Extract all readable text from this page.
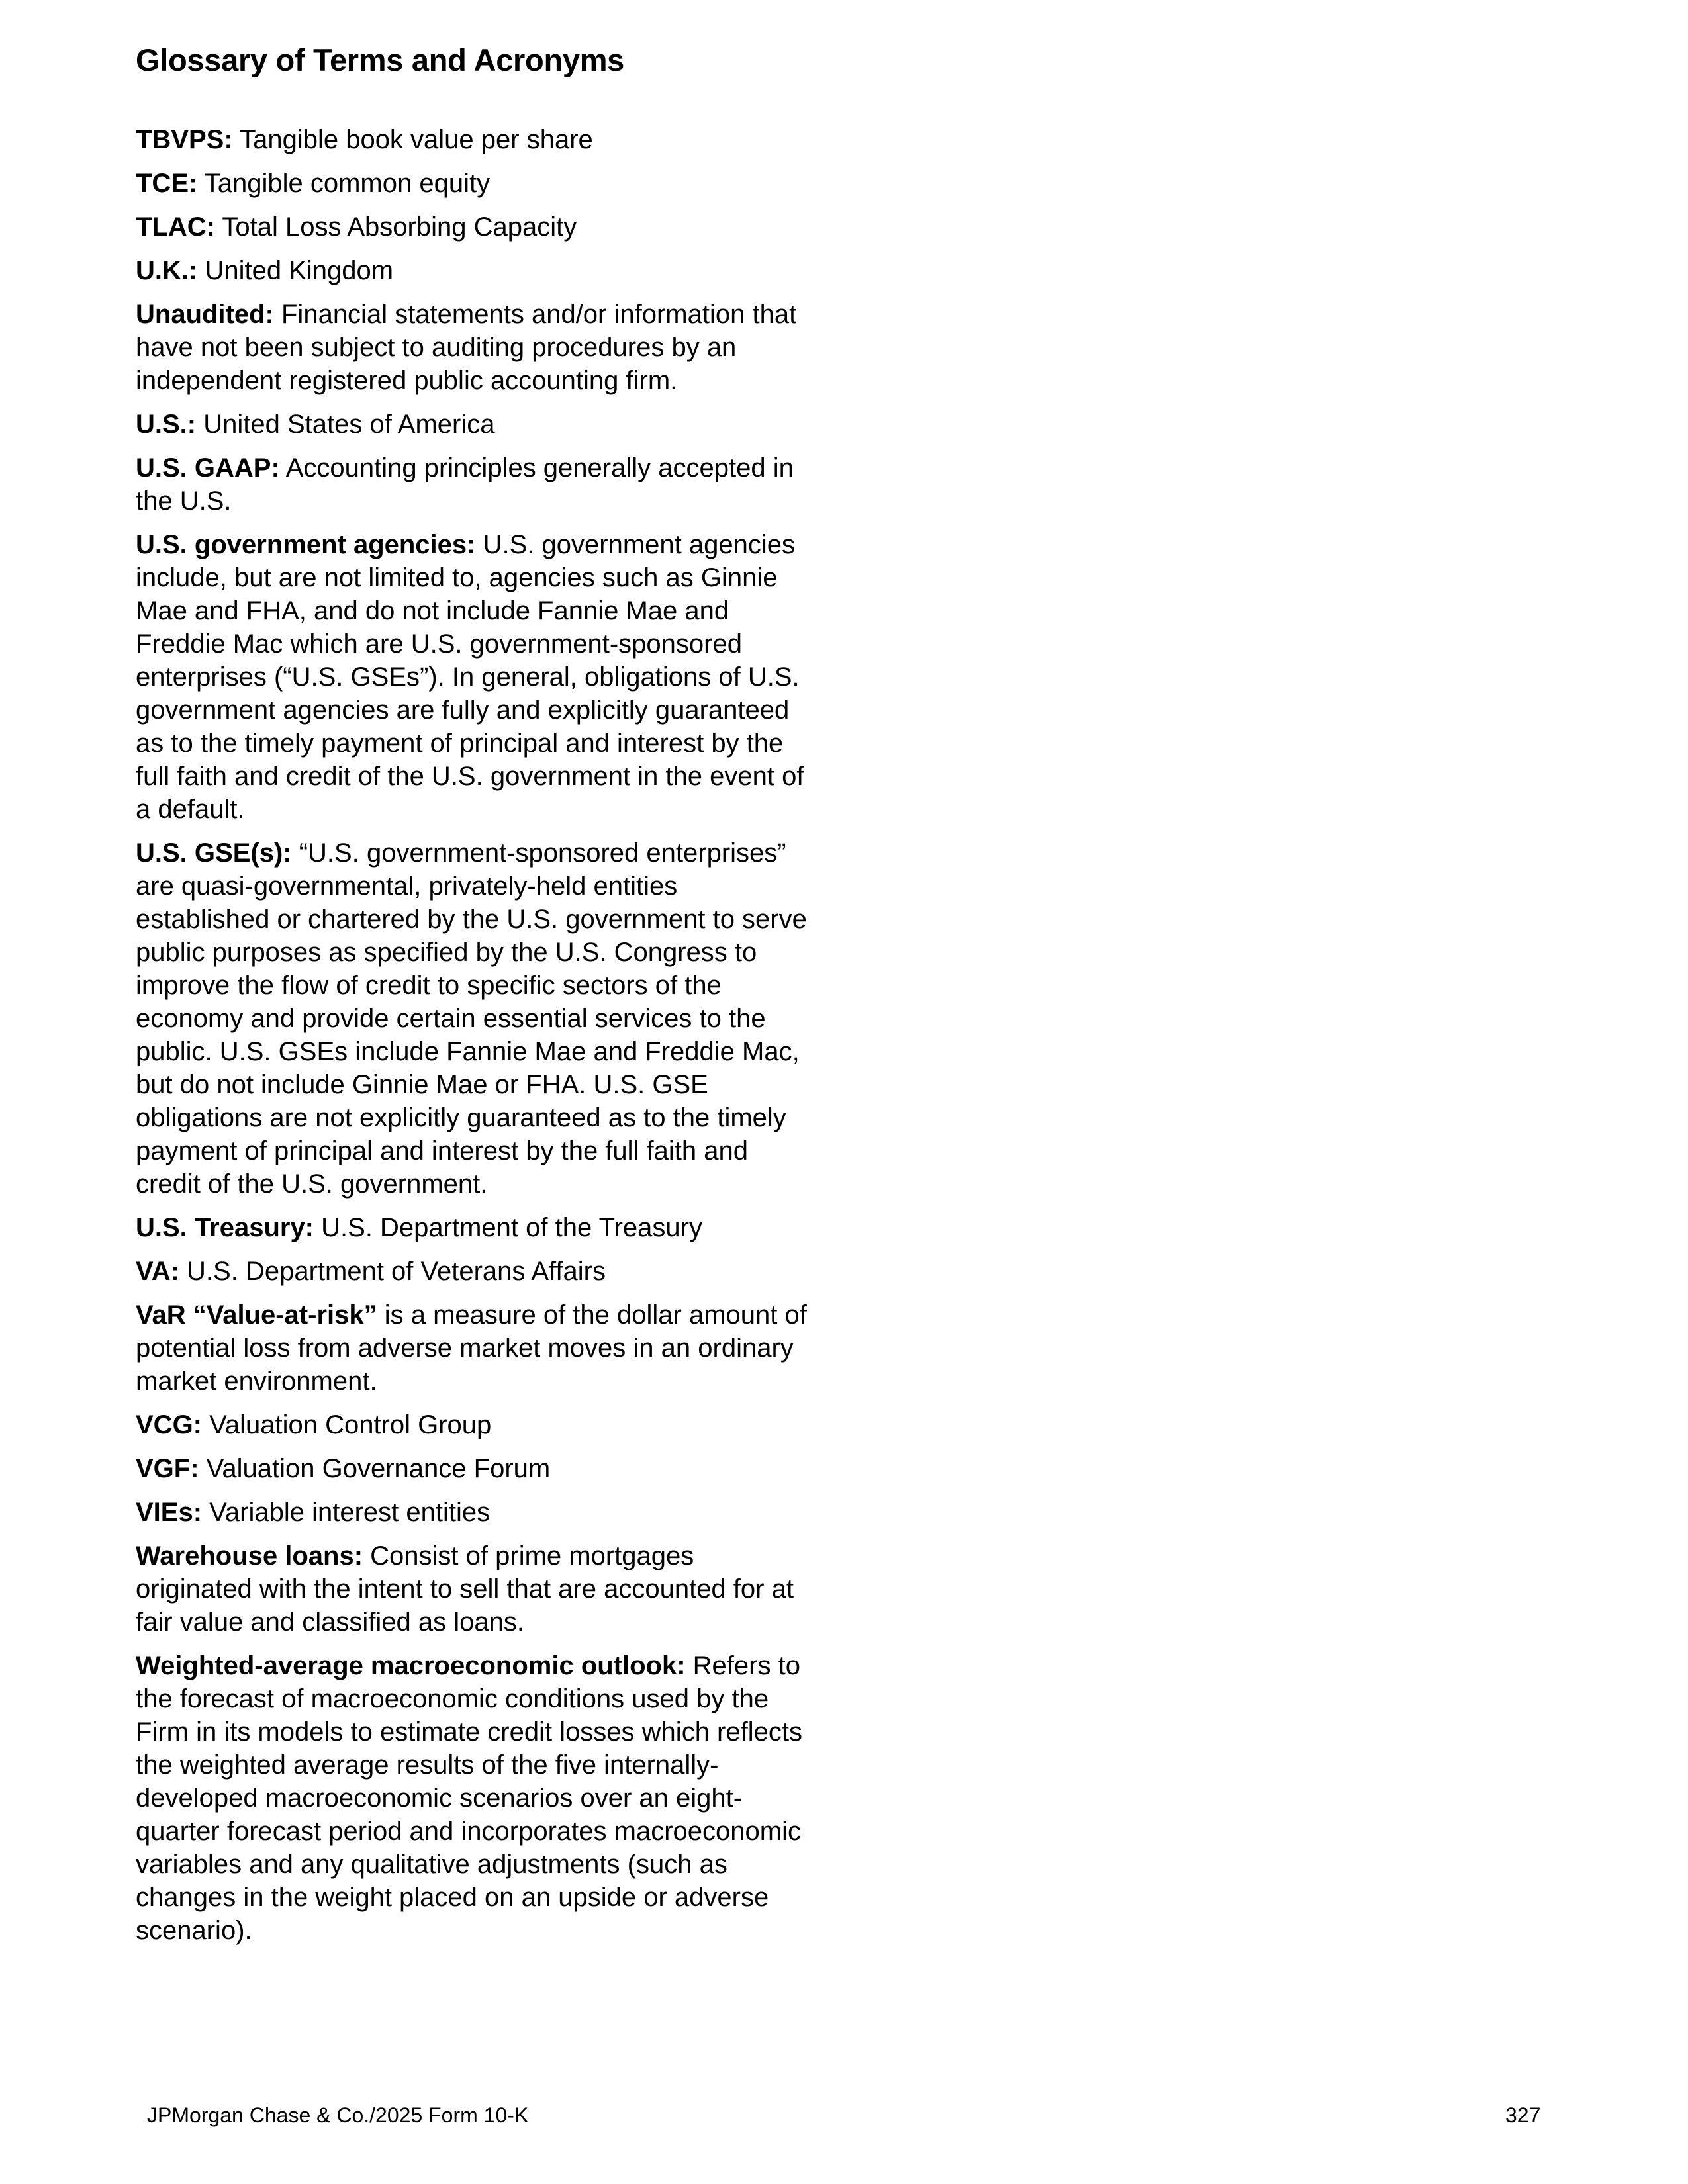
Glossary of Terms and Acronyms
TBVPS: Tangible book value per share
TCE: Tangible common equity
TLAC: Total Loss Absorbing Capacity
U.K.: United Kingdom
Unaudited: Financial statements and/or information that have not been subject to auditing procedures by an independent registered public accounting firm.
U.S.: United States of America
U.S. GAAP: Accounting principles generally accepted in the U.S.
U.S. government agencies: U.S. government agencies include, but are not limited to, agencies such as Ginnie Mae and FHA, and do not include Fannie Mae and Freddie Mac which are U.S. government-sponsored enterprises (“U.S. GSEs”). In general, obligations of U.S. government agencies are fully and explicitly guaranteed as to the timely payment of principal and interest by the full faith and credit of the U.S. government in the event of a default.
U.S. GSE(s): “U.S. government-sponsored enterprises” are quasi-governmental, privately-held entities established or chartered by the U.S. government to serve public purposes as specified by the U.S. Congress to improve the flow of credit to specific sectors of the economy and provide certain essential services to the public. U.S. GSEs include Fannie Mae and Freddie Mac, but do not include Ginnie Mae or FHA. U.S. GSE obligations are not explicitly guaranteed as to the timely payment of principal and interest by the full faith and credit of the U.S. government.
U.S. Treasury: U.S. Department of the Treasury
VA: U.S. Department of Veterans Affairs
VaR “Value-at-risk” is a measure of the dollar amount of potential loss from adverse market moves in an ordinary market environment.
VCG: Valuation Control Group
VGF: Valuation Governance Forum
VIEs: Variable interest entities
Warehouse loans: Consist of prime mortgages originated with the intent to sell that are accounted for at fair value and classified as loans.
Weighted-average macroeconomic outlook: Refers to the forecast of macroeconomic conditions used by the Firm in its models to estimate credit losses which reflects the weighted average results of the five internally-developed macroeconomic scenarios over an eight-quarter forecast period and incorporates macroeconomic variables and any qualitative adjustments (such as changes in the weight placed on an upside or adverse scenario).
JPMorgan Chase & Co./2025 Form 10-K	327
